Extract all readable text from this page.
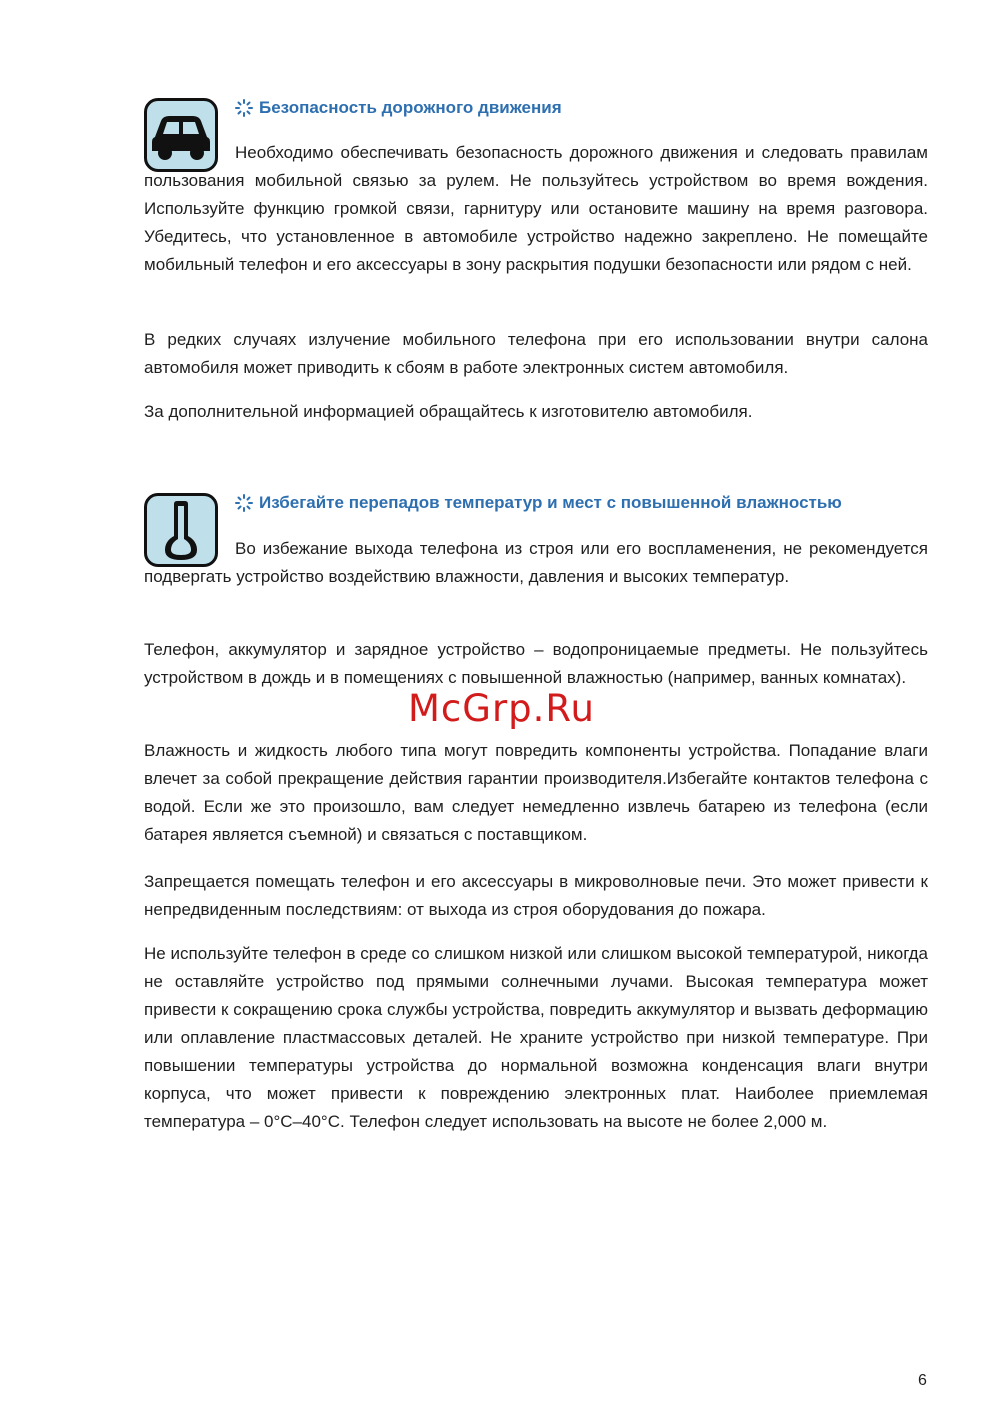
Безопасность дорожного движения

Необходимо обеспечивать безопасность дорожного движения и следовать правилам пользования мобильной связью за рулем. Не пользуйтесь устройством во время вождения. Используйте функцию громкой связи, гарнитуру или остановите машину на время разговора. Убедитесь, что установленное в автомобиле устройство надежно закреплено. Не помещайте мобильный телефон и его аксессуары в зону раскрытия подушки безопасности или рядом с ней.

В редких случаях излучение мобильного телефона при его использовании внутри салона автомобиля может приводить к сбоям в работе электронных систем автомобиля.

За дополнительной информацией обращайтесь к изготовителю автомобиля.

Избегайте перепадов температур и мест с повышенной влажностью

Во избежание выхода телефона из строя или его воспламенения, не рекомендуется подвергать устройство воздействию влажности, давления и высоких температур.

Телефон, аккумулятор и зарядное устройство – водопроницаемые предметы. Не пользуйтесь устройством в дождь и в помещениях с повышенной влажностью (например, ванных комнатах).

Влажность и жидкость любого типа могут повредить компоненты устройства. Попадание влаги влечет за собой прекращение действия гарантии производителя.Избегайте контактов телефона с водой. Если же это произошло, вам следует немедленно извлечь батарею из телефона (если батарея является съемной) и связаться с поставщиком.

Запрещается помещать телефон и его аксессуары в микроволновые печи. Это может привести к непредвиденным последствиям: от выхода из строя оборудования до пожара.

Не используйте телефон в среде со слишком низкой или слишком высокой температурой, никогда не оставляйте устройство под прямыми солнечными лучами. Высокая температура может привести к сокращению срока службы устройства, повредить аккумулятор и вызвать деформацию или оплавление пластмассовых деталей. Не храните устройство при низкой температуре. При повышении температуры устройства до нормальной возможна конденсация влаги внутри корпуса, что может привести к повреждению электронных плат. Наиболее приемлемая температура – 0°C–40°C. Телефон следует использовать на высоте не более 2,000 м.

McGrp.Ru
6
